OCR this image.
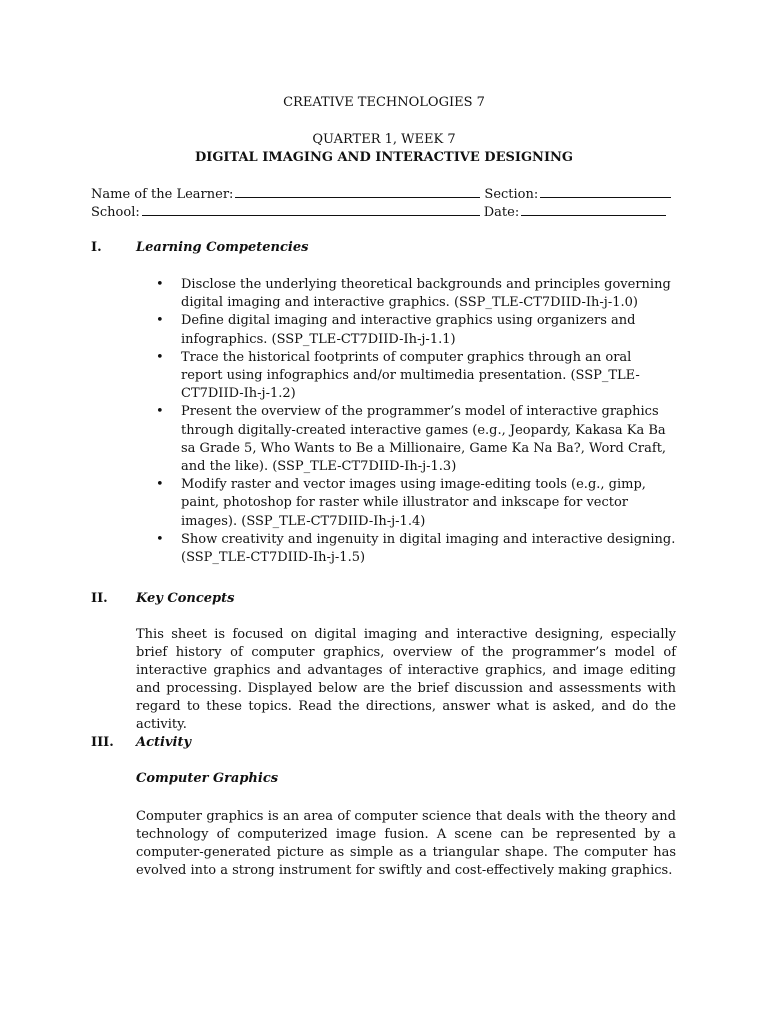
CREATIVE TECHNOLOGIES 7
QUARTER 1, WEEK 7
DIGITAL IMAGING AND INTERACTIVE DESIGNING
Name of the Learner:	Section:
School:	Date:
I.	Learning Competencies
• Disclose the underlying theoretical backgrounds and principles governing digital imaging and interactive graphics. (SSP_TLE-CT7DIID-Ih-j-1.0)
• Define digital imaging and interactive graphics using organizers and infographics. (SSP_TLE-CT7DIID-Ih-j-1.1)
• Trace the historical footprints of computer graphics through an oral report using infographics and/or multimedia presentation. (SSP_TLE-CT7DIID-Ih-j-1.2)
• Present the overview of the programmer’s model of interactive graphics through digitally-created interactive games (e.g., Jeopardy, Kakasa Ka Ba sa Grade 5, Who Wants to Be a Millionaire, Game Ka Na Ba?, Word Craft, and the like). (SSP_TLE-CT7DIID-Ih-j-1.3)
• Modify raster and vector images using image-editing tools (e.g., gimp, paint, photoshop for raster while illustrator and inkscape for vector images). (SSP_TLE-CT7DIID-Ih-j-1.4)
• Show creativity and ingenuity in digital imaging and interactive designing. (SSP_TLE-CT7DIID-Ih-j-1.5)
II. Key Concepts
This sheet is focused on digital imaging and interactive designing, especially brief history of computer graphics, overview of the programmer’s model of interactive graphics and advantages of interactive graphics, and image editing and processing. Displayed below are the brief discussion and assessments with regard to these topics. Read the directions, answer what is asked, and do the activity.
III. Activity
Computer Graphics
Computer graphics is an area of computer science that deals with the theory and technology of computerized image fusion. A scene can be represented by a computer-generated picture as simple as a triangular shape. The computer has evolved into a strong instrument for swiftly and cost-effectively making graphics.
